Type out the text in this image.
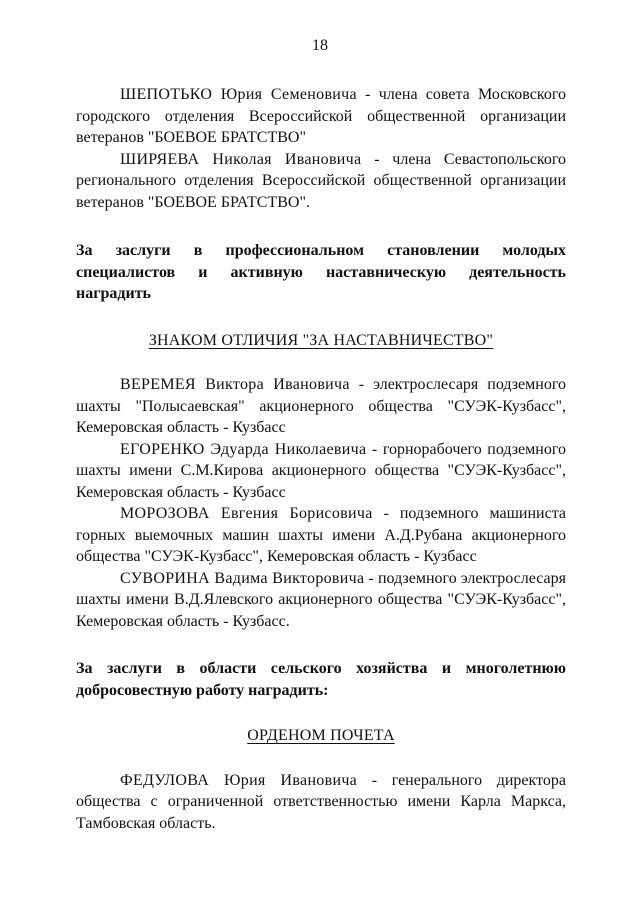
18

ШЕПОТЬКО Юрия Семеновича - члена совета Московского городского отделения Всероссийской общественной организации ветеранов "БОЕВОЕ БРАТСТВО"

ШИРЯЕВА Николая Ивановича - члена Севастопольского регионального отделения Всероссийской общественной организации ветеранов "БОЕВОЕ БРАТСТВО".

За заслуги в профессиональном становлении молодых специалистов и активную наставническую деятельность наградить

ЗНАКОМ ОТЛИЧИЯ "ЗА НАСТАВНИЧЕСТВО"

ВЕРЕМЕЯ Виктора Ивановича - электрослесаря подземного шахты "Полысаевская" акционерного общества "СУЭК-Кузбасс", Кемеровская область - Кузбасс

ЕГОРЕНКО Эдуарда Николаевича - горнорабочего подземного шахты имени С.М.Кирова акционерного общества "СУЭК-Кузбасс", Кемеровская область - Кузбасс

МОРОЗОВА Евгения Борисовича - подземного машиниста горных выемочных машин шахты имени А.Д.Рубана акционерного общества "СУЭК-Кузбасс", Кемеровская область - Кузбасс

СУВОРИНА Вадима Викторовича - подземного электрослесаря шахты имени В.Д.Ялевского акционерного общества "СУЭК-Кузбасс", Кемеровская область - Кузбасс.

За заслуги в области сельского хозяйства и многолетнюю добросовестную работу наградить:

ОРДЕНОМ ПОЧЕТА

ФЕДУЛОВА Юрия Ивановича - генерального директора общества с ограниченной ответственностью имени Карла Маркса, Тамбовская область.
